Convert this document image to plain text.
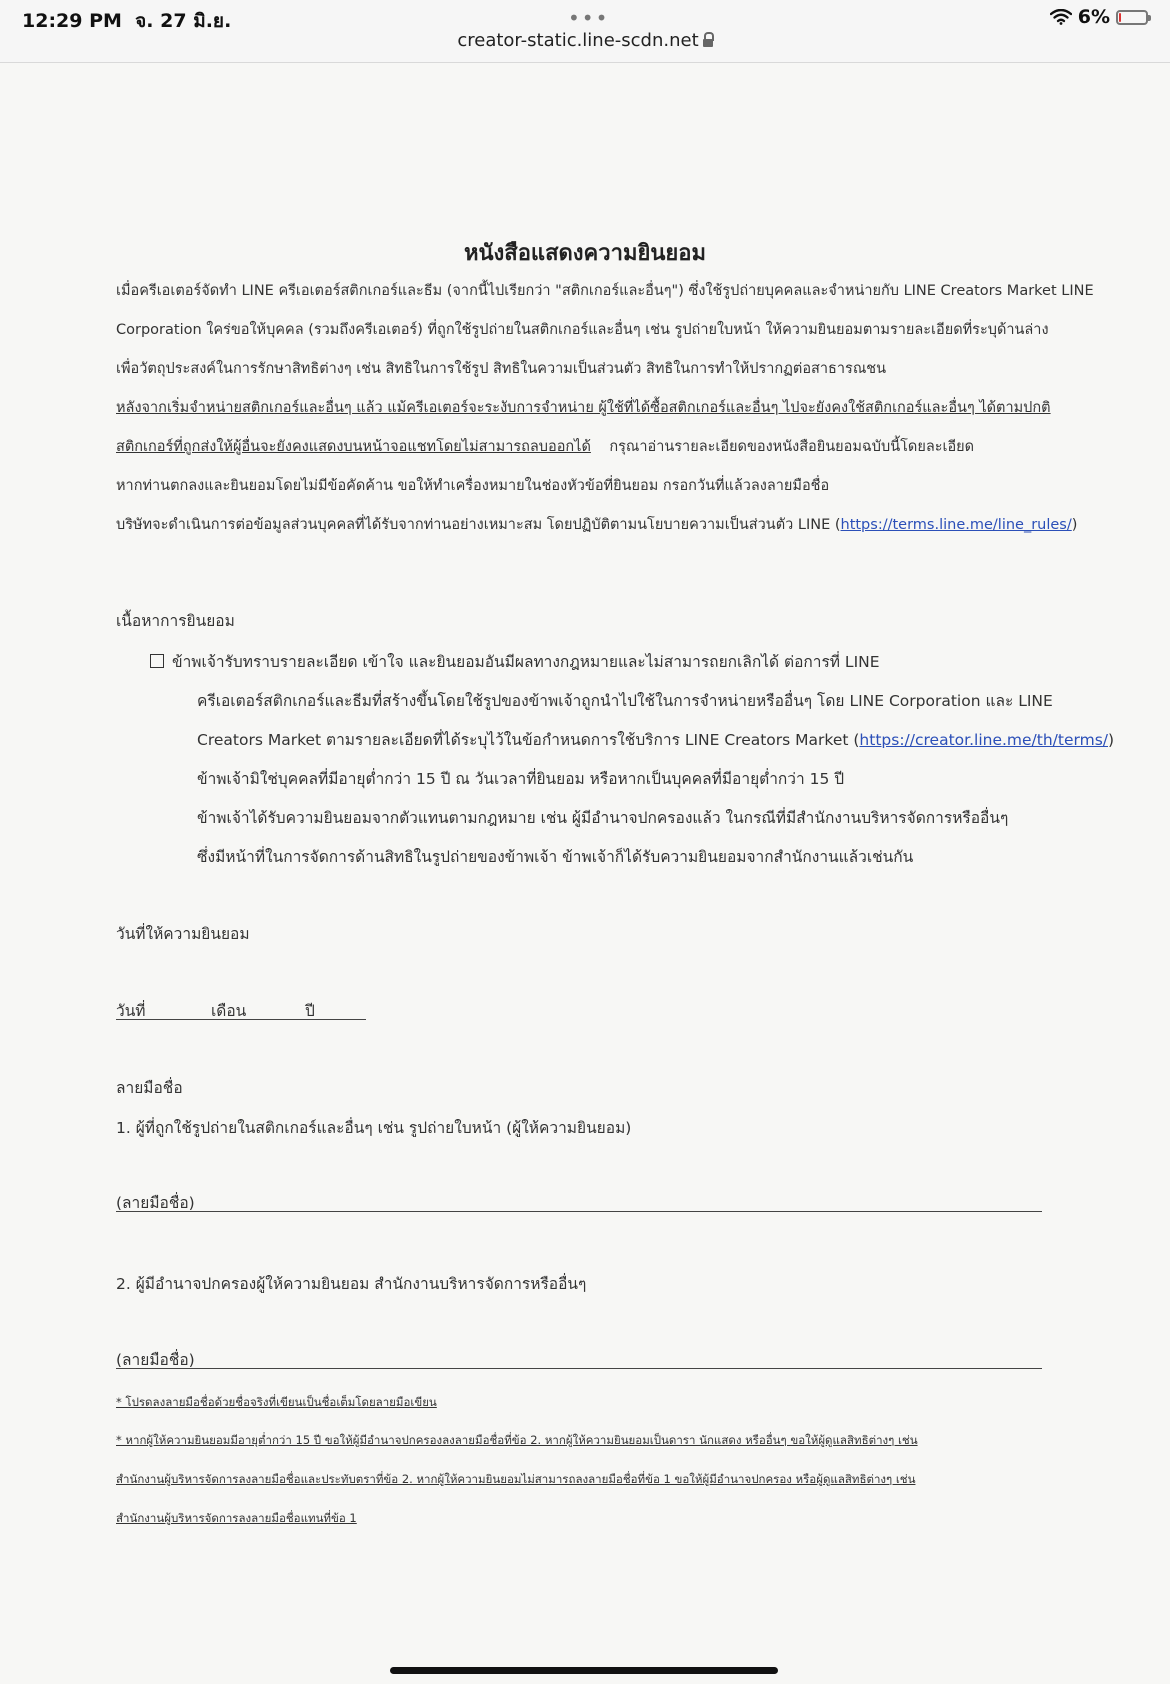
12:29 PM จ. 27 มิ.ย.	•••
creator-static.line-scdn.net
6%
หนังสือแสดงความยินยอม
เมื่อครีเอเตอร์จัดทำ LINE ครีเอเตอร์สติกเกอร์และธีม (จากนี้ไปเรียกว่า "สติกเกอร์และอื่นๆ") ซึ่งใช้รูปถ่ายบุคคลและจำหน่ายกับ LINE Creators Market LINE
Corporation ใคร่ขอให้บุคคล (รวมถึงครีเอเตอร์) ที่ถูกใช้รูปถ่ายในสติกเกอร์และอื่นๆ เช่น รูปถ่ายใบหน้า ให้ความยินยอมตามรายละเอียดที่ระบุด้านล่าง
เพื่อวัตถุประสงค์ในการรักษาสิทธิต่างๆ เช่น สิทธิในการใช้รูป สิทธิในความเป็นส่วนตัว สิทธิในการทำให้ปรากฏต่อสาธารณชน
หลังจากเริ่มจำหน่ายสติกเกอร์และอื่นๆ แล้ว แม้ครีเอเตอร์จะระงับการจำหน่าย ผู้ใช้ที่ได้ซื้อสติกเกอร์และอื่นๆ ไปจะยังคงใช้สติกเกอร์และอื่นๆ ได้ตามปกติ
สติกเกอร์ที่ถูกส่งให้ผู้อื่นจะยังคงแสดงบนหน้าจอแชทโดยไม่สามารถลบออกได้ กรุณาอ่านรายละเอียดของหนังสือยินยอมฉบับนี้โดยละเอียด
หากท่านตกลงและยินยอมโดยไม่มีข้อคัดค้าน ขอให้ทำเครื่องหมายในช่องหัวข้อที่ยินยอม กรอกวันที่แล้วลงลายมือชื่อ
บริษัทจะดำเนินการต่อข้อมูลส่วนบุคคลที่ได้รับจากท่านอย่างเหมาะสม โดยปฏิบัติตามนโยบายความเป็นส่วนตัว LINE (https://terms.line.me/line_rules/)
เนื้อหาการยินยอม
ข้าพเจ้ารับทราบรายละเอียด เข้าใจ และยินยอมอันมีผลทางกฎหมายและไม่สามารถยกเลิกได้ ต่อการที่ LINE
ครีเอเตอร์สติกเกอร์และธีมที่สร้างขึ้นโดยใช้รูปของข้าพเจ้าถูกนำไปใช้ในการจำหน่ายหรืออื่นๆ โดย LINE Corporation และ LINE
Creators Market ตามรายละเอียดที่ได้ระบุไว้ในข้อกำหนดการใช้บริการ LINE Creators Market (https://creator.line.me/th/terms/)
ข้าพเจ้ามิใช่บุคคลที่มีอายุต่ำกว่า 15 ปี ณ วันเวลาที่ยินยอม หรือหากเป็นบุคคลที่มีอายุต่ำกว่า 15 ปี
ข้าพเจ้าได้รับความยินยอมจากตัวแทนตามกฎหมาย เช่น ผู้มีอำนาจปกครองแล้ว ในกรณีที่มีสำนักงานบริหารจัดการหรืออื่นๆ
ซึ่งมีหน้าที่ในการจัดการด้านสิทธิในรูปถ่ายของข้าพเจ้า ข้าพเจ้าก็ได้รับความยินยอมจากสำนักงานแล้วเช่นกัน
วันที่ให้ความยินยอม
วันที่	เดือน	ปี
ลายมือชื่อ
1. ผู้ที่ถูกใช้รูปถ่ายในสติกเกอร์และอื่นๆ เช่น รูปถ่ายใบหน้า (ผู้ให้ความยินยอม)
(ลายมือชื่อ)
2. ผู้มีอำนาจปกครองผู้ให้ความยินยอม สำนักงานบริหารจัดการหรืออื่นๆ
(ลายมือชื่อ)
* โปรดลงลายมือชื่อด้วยชื่อจริงที่เขียนเป็นชื่อเต็มโดยลายมือเขียน
* หากผู้ให้ความยินยอมมีอายุต่ำกว่า 15 ปี ขอให้ผู้มีอำนาจปกครองลงลายมือชื่อที่ข้อ 2. หากผู้ให้ความยินยอมเป็นดารา นักแสดง หรืออื่นๆ ขอให้ผู้ดูแลสิทธิต่างๆ เช่น
สำนักงานผู้บริหารจัดการลงลายมือชื่อและประทับตราที่ข้อ 2. หากผู้ให้ความยินยอมไม่สามารถลงลายมือชื่อที่ข้อ 1 ขอให้ผู้มีอำนาจปกครอง หรือผู้ดูแลสิทธิต่างๆ เช่น
สำนักงานผู้บริหารจัดการลงลายมือชื่อแทนที่ข้อ 1
